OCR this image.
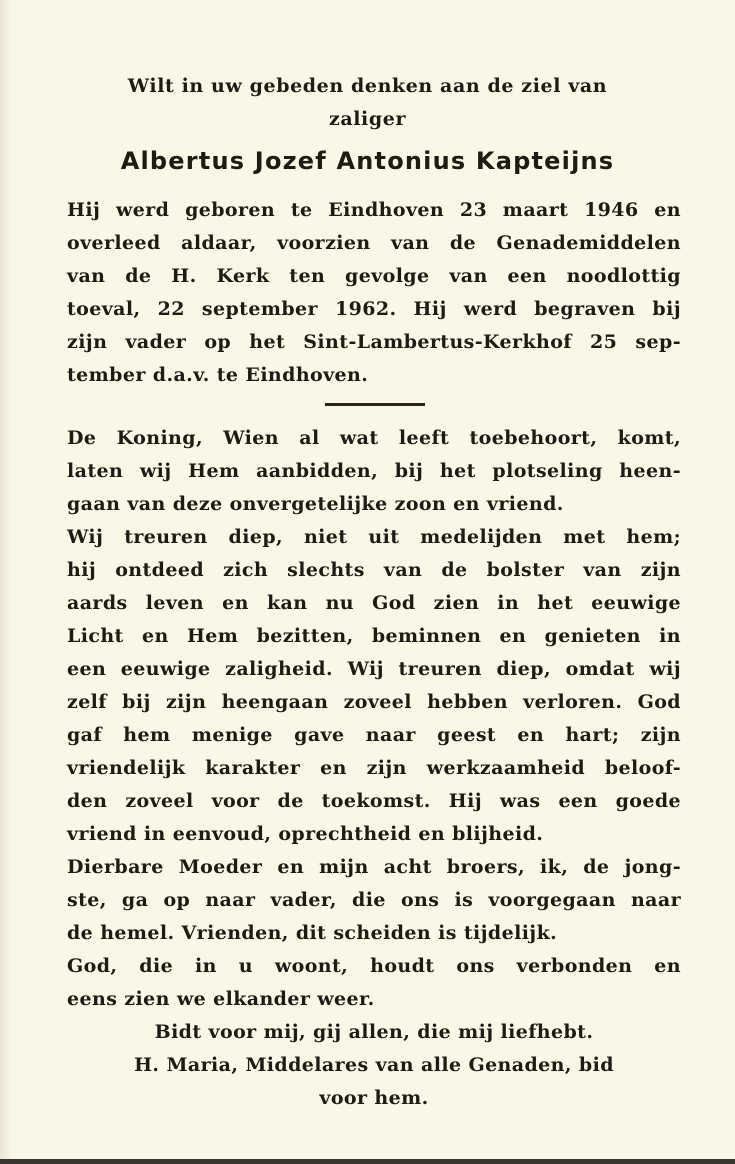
Wilt in uw gebeden denken aan de ziel van
zaliger
Albertus Jozef Antonius Kapteijns
Hij werd geboren te Eindhoven 23 maart 1946 en
overleed aldaar, voorzien van de Genademiddelen
van de H. Kerk ten gevolge van een noodlottig
toeval, 22 september 1962. Hij werd begraven bij
zijn vader op het Sint-Lambertus-Kerkhof 25 sep-
tember d.a.v. te Eindhoven.
De Koning, Wien al wat leeft toebehoort, komt,
laten wij Hem aanbidden, bij het plotseling heen-
gaan van deze onvergetelijke zoon en vriend.
Wij treuren diep, niet uit medelijden met hem;
hij ontdeed zich slechts van de bolster van zijn
aards leven en kan nu God zien in het eeuwige
Licht en Hem bezitten, beminnen en genieten in
een eeuwige zaligheid. Wij treuren diep, omdat wij
zelf bij zijn heengaan zoveel hebben verloren. God
gaf hem menige gave naar geest en hart; zijn
vriendelijk karakter en zijn werkzaamheid beloof-
den zoveel voor de toekomst. Hij was een goede
vriend in eenvoud, oprechtheid en blijheid.
Dierbare Moeder en mijn acht broers, ik, de jong-
ste, ga op naar vader, die ons is voorgegaan naar
de hemel. Vrienden, dit scheiden is tijdelijk.
God, die in u woont, houdt ons verbonden en
eens zien we elkander weer.
Bidt voor mij, gij allen, die mij liefhebt.
H. Maria, Middelares van alle Genaden, bid
voor hem.
